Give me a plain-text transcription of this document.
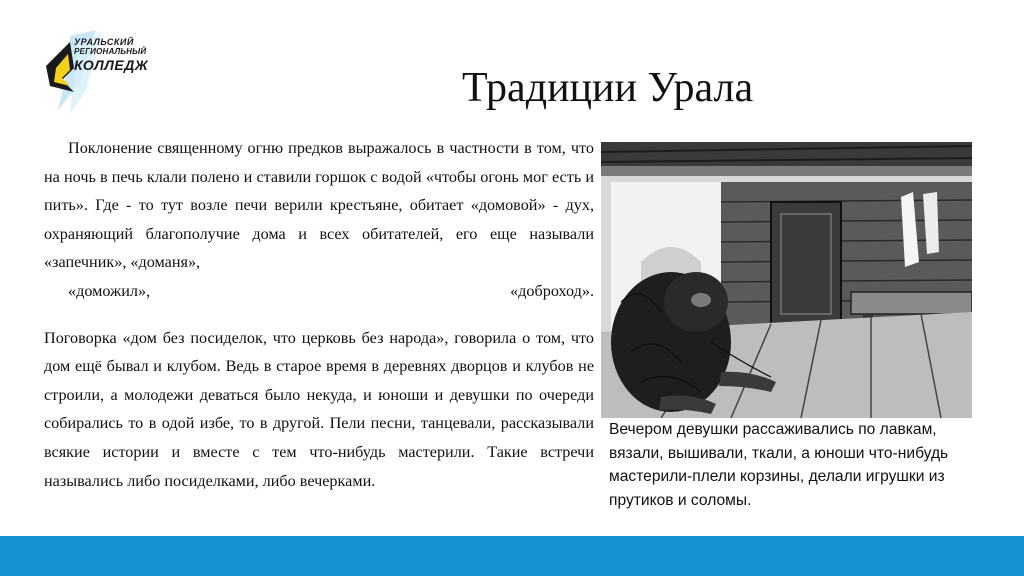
УРАЛЬСКИЙ
РЕГИОНАЛЬНЫЙ
КОЛЛЕДЖ	Традиции Урала

Поклонение священному огню предков выражалось в частности в том, что на ночь в печь клали полено и ставили горшок с водой «чтобы огонь мог есть и пить». Где - то тут возле печи верили крестьяне, обитает «домовой» - дух, охраняющий благополучие дома и всех обитателей, его еще называли «запечник», «доманя»,
«доможил»,	«доброход».

Поговорка «дом без посиделок, что церковь без народа», говорила о том, что дом ещё бывал и клубом. Ведь в старое время в деревнях дворцов и клубов не строили, а молодежи деваться было некуда, и юноши и девушки по очереди собирались то в одой избе, то в другой. Пели песни, танцевали, рассказывали всякие истории и вместе с тем что-нибудь мастерили. Такие встречи назывались либо посиделками, либо вечерками.

Вечером девушки рассаживались по лавкам, вязали, вышивали, ткали, а юноши что-нибудь мастерили-плели корзины, делали игрушки из прутиков и соломы.
